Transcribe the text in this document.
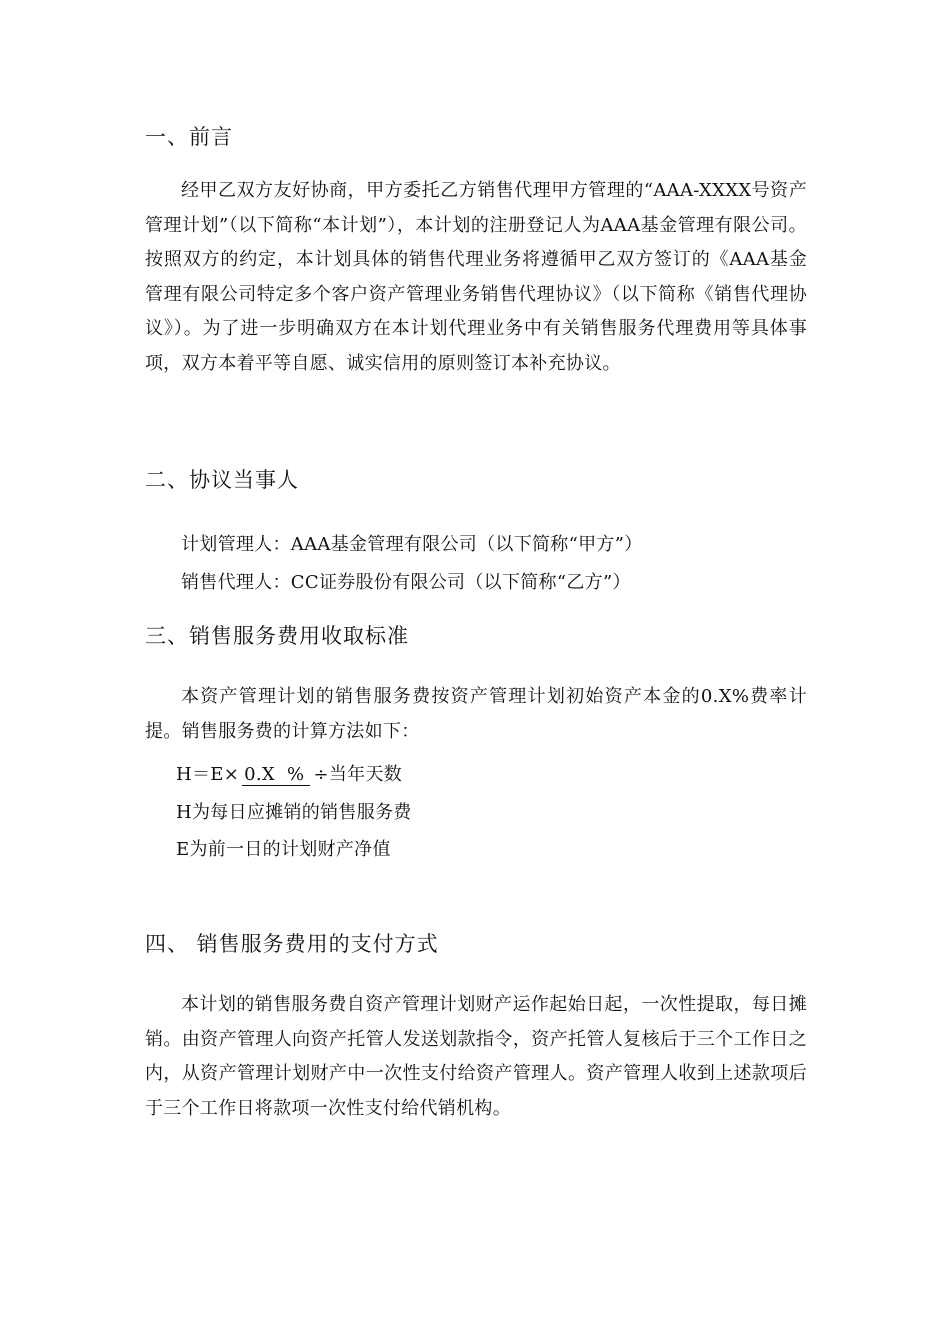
一、前言
经甲乙双方友好协商，甲方委托乙方销售代理甲方管理的“AAA-XXXX号资产管理计划”（以下简称“本计划”），本计划的注册登记人为AAA基金管理有限公司。按照双方的约定，本计划具体的销售代理业务将遵循甲乙双方签订的《AAA基金管理有限公司特定多个客户资产管理业务销售代理协议》（以下简称《销售代理协议》）。为了进一步明确双方在本计划代理业务中有关销售服务代理费用等具体事项，双方本着平等自愿、诚实信用的原则签订本补充协议。
二、协议当事人
计划管理人：AAA基金管理有限公司（以下简称“甲方”）
销售代理人：CC证券股份有限公司（以下简称“乙方”）
三、销售服务费用收取标准
本资产管理计划的销售服务费按资产管理计划初始资产本金的0.X%费率计提。销售服务费的计算方法如下：
H＝E× 0.X  % ÷当年天数
H为每日应摊销的销售服务费
E为前一日的计划财产净值
四、 销售服务费用的支付方式
本计划的销售服务费自资产管理计划财产运作起始日起，一次性提取，每日摊销。由资产管理人向资产托管人发送划款指令，资产托管人复核后于三个工作日之内，从资产管理计划财产中一次性支付给资产管理人。资产管理人收到上述款项后于三个工作日将款项一次性支付给代销机构。
